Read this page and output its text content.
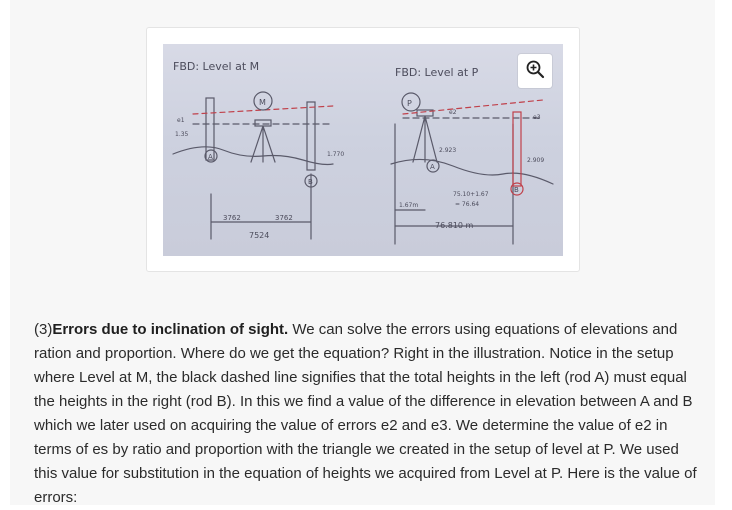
FBD: Level at M	FBD: Level at P
M	P
A
B
A
B
e1
1.35
1.770
e2
e3
2.923
2.909
3762	3762
7524
1.67m
75.10+1.67
= 76.64
76.810 m

(3)Errors due to inclination of sight. We can solve the errors using equations of elevations and ration and proportion. Where do we get the equation? Right in the illustration. Notice in the setup where Level at M, the black dashed line signifies that the total heights in the left (rod A) must equal the heights in the right (rod B). In this we find a value of the difference in elevation between A and B which we later used on acquiring the value of errors e2 and e3. We determine the value of e2 in terms of es by ratio and proportion with the triangle we created in the setup of level at P. We used this value for substitution in the equation of heights we acquired from Level at P. Here is the value of errors:
